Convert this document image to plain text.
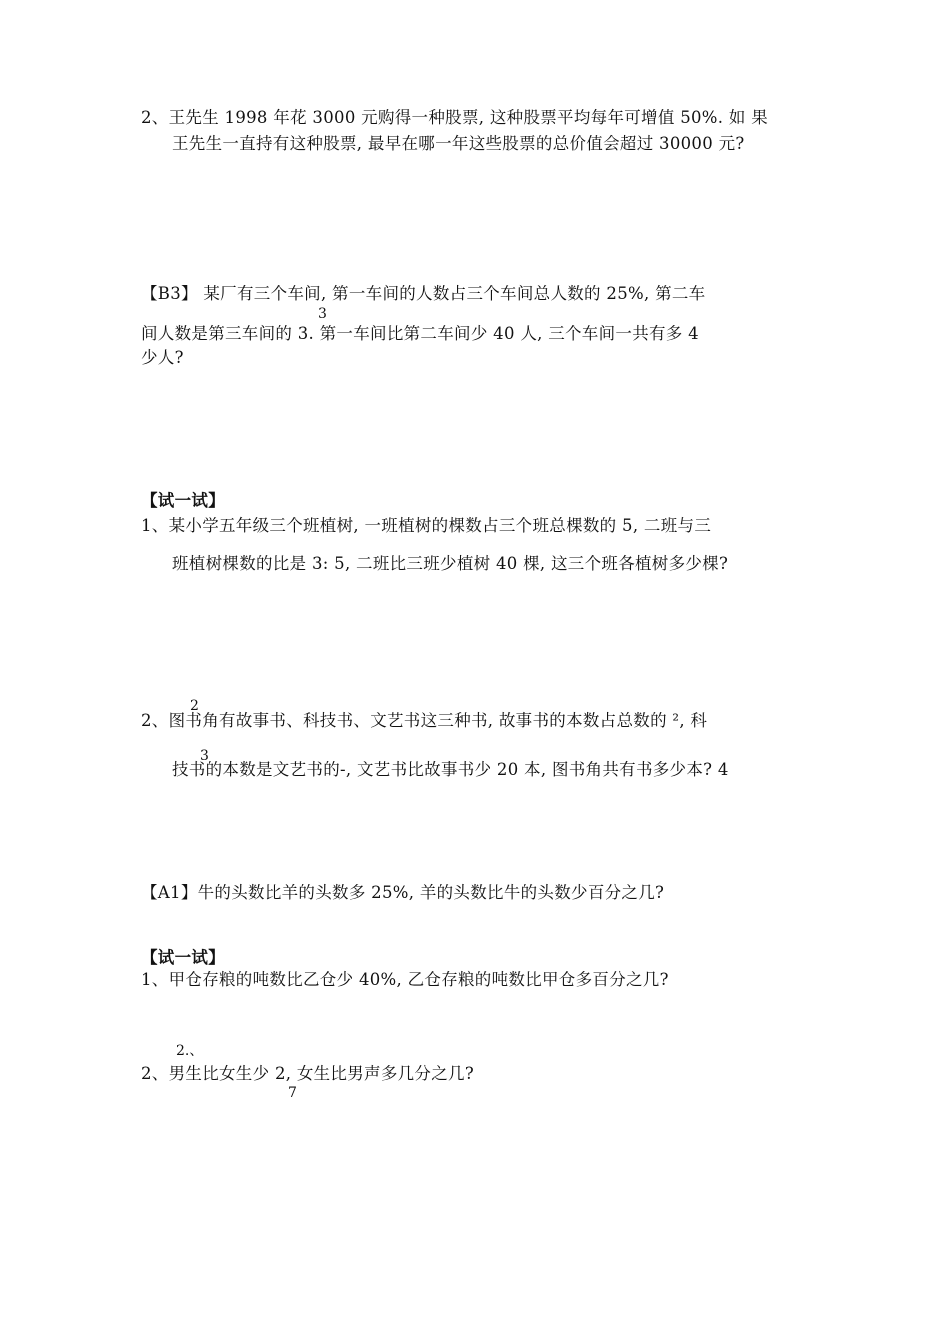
2、王先生 1998 年花 3000 元购得一种股票, 这种股票平均每年可增值 50%. 如 果
王先生一直持有这种股票, 最早在哪一年这些股票的总价值会超过 30000 元?
【B3】 某厂有三个车间, 第一车间的人数占三个车间总人数的 25%, 第二车
3
间人数是第三车间的 3. 第一车间比第二车间少 40 人, 三个车间一共有多 4
少人?
【试一试】
1、某小学五年级三个班植树, 一班植树的棵数占三个班总棵数的 5, 二班与三
班植树棵数的比是 3: 5, 二班比三班少植树 40 棵, 这三个班各植树多少棵?
2
2、图书角有故事书、科技书、文艺书这三种书, 故事书的本数占总数的 ², 科
3
技书的本数是文艺书的-, 文艺书比故事书少 20 本, 图书角共有书多少本? 4
【A1】牛的头数比羊的头数多 25%, 羊的头数比牛的头数少百分之几?
【试一试】
1、甲仓存粮的吨数比乙仓少 40%, 乙仓存粮的吨数比甲仓多百分之几?
2.、
2、男生比女生少 2, 女生比男声多几分之几?
7
